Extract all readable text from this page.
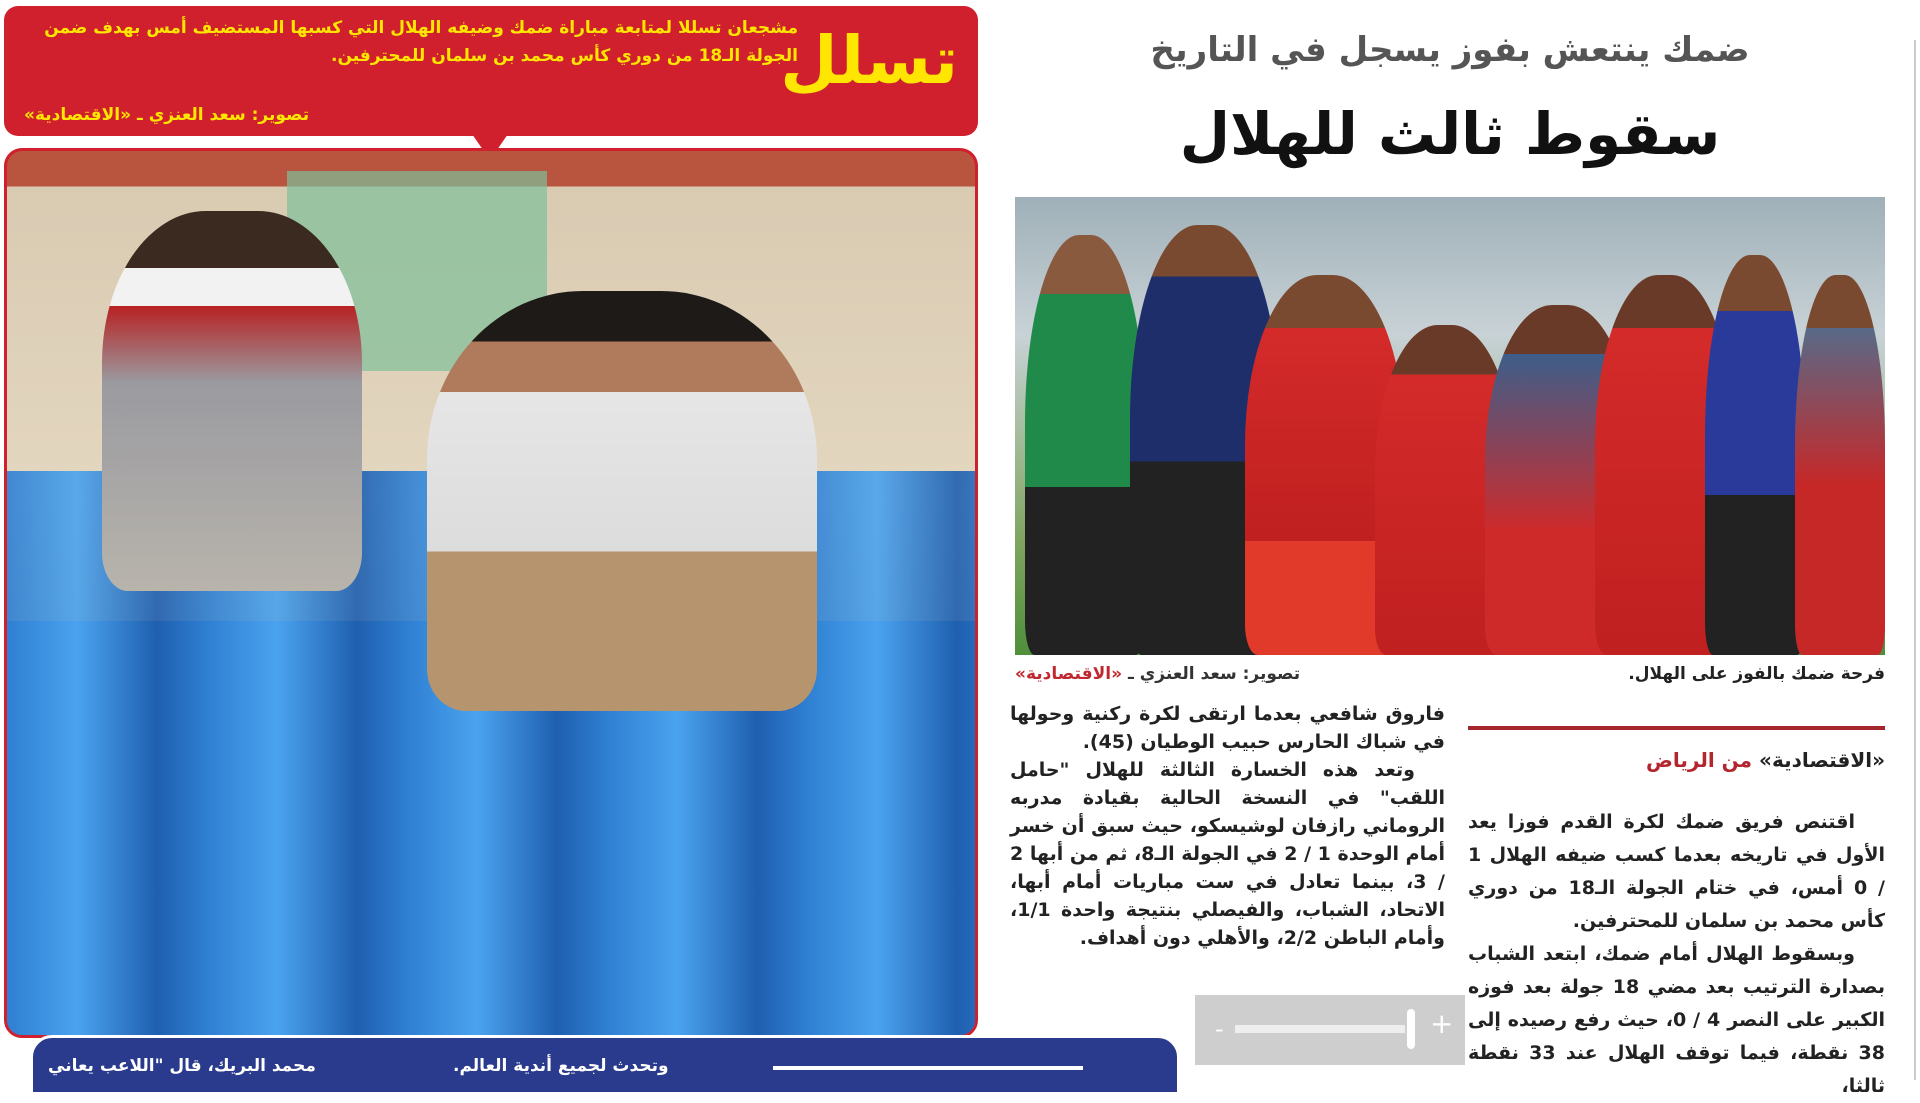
تسلل
مشجعان تسللا لمتابعة مباراة ضمك وضيفه الهلال التي كسبها المستضيف أمس بهدف ضمن الجولة الـ18 من دوري كأس محمد بن سلمان للمحترفين.
تصوير: سعد العنزي ـ «الاقتصادية»
ضمك ينتعش بفوز يسجل في التاريخ
سقوط ثالث للهلال
فرحة ضمك بالفوز على الهلال.
تصوير: سعد العنزي ـ «الاقتصادية»
«الاقتصادية» من الرياض

اقتنص فريق ضمك لكرة القدم فوزا يعد الأول في تاريخه بعدما كسب ضيفه الهلال 1 / 0 أمس، في ختام الجولة الـ18 من دوري كأس محمد بن سلمان للمحترفين.

وبسقوط الهلال أمام ضمك، ابتعد الشباب بصدارة الترتيب بعد مضي 18 جولة بعد فوزه الكبير على النصر 4 / 0، حيث رفع رصيده إلى 38 نقطة، فيما توقف الهلال عند 33 نقطة ثالثا،

فاروق شافعي بعدما ارتقى لكرة ركنية وحولها في شباك الحارس حبيب الوطيان (45).

وتعد هذه الخسارة الثالثة للهلال "حامل اللقب" في النسخة الحالية بقيادة مدربه الروماني رازفان لوشيسكو، حيث سبق أن خسر أمام الوحدة 1 / 2 في الجولة الـ8، ثم من أبها 2 / 3، بينما تعادل في ست مباريات أمام أبها، الاتحاد، الشباب، والفيصلي بنتيجة واحدة 1/1، وأمام الباطن 2/2، والأهلي دون أهداف.

-	+
محمد البريك، قال "اللاعب يعاني	وتحدث لجميع أندية العالم.
